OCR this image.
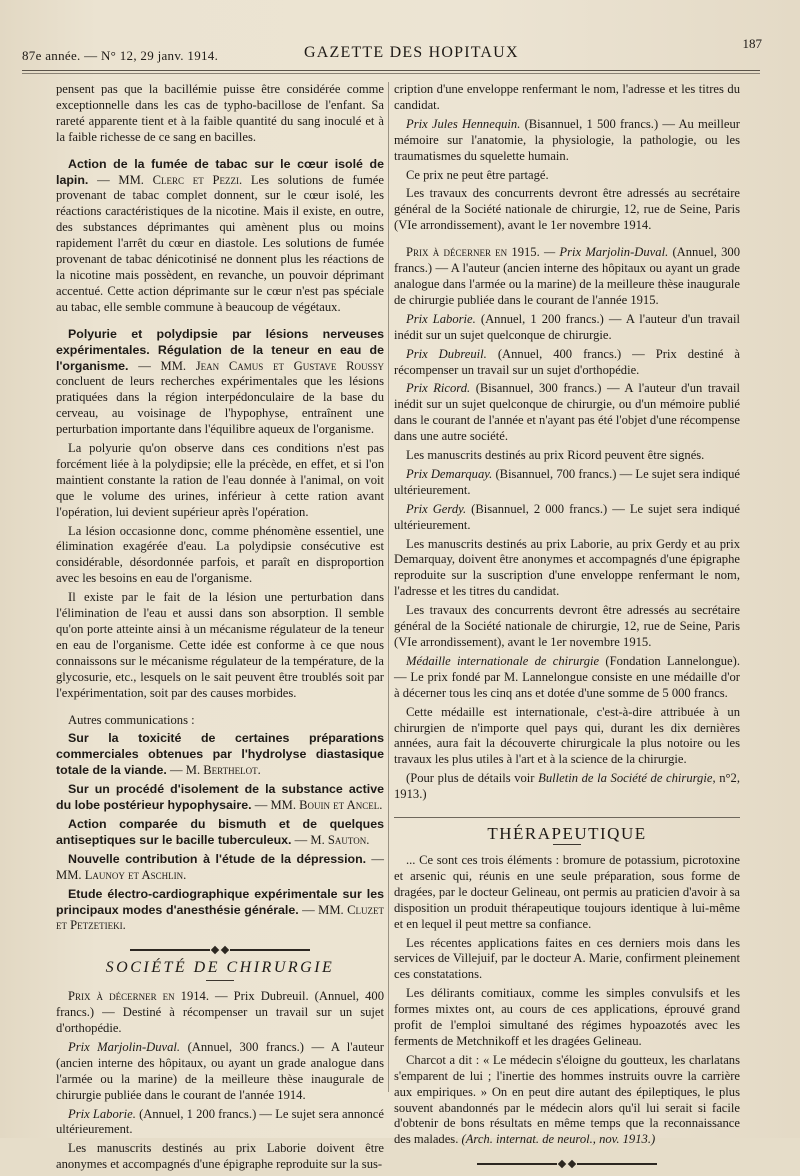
87e année. — N° 12, 29 janv. 1914.	GAZETTE DES HOPITAUX
187

pensent pas que la bacillémie puisse être considérée comme exceptionnelle dans les cas de typho-bacillose de l'enfant. Sa rareté apparente tient et à la faible quantité du sang inoculé et à la faible richesse de ce sang en bacilles.

Action de la fumée de tabac sur le cœur isolé de lapin. — MM. Clerc et Pezzi. Les solutions de fumée provenant de tabac complet donnent, sur le cœur isolé, les réactions caractéristiques de la nicotine. Mais il existe, en outre, des substances déprimantes qui amènent plus ou moins rapidement l'arrêt du cœur en diastole. Les solutions de fumée provenant de tabac dénicotinisé ne donnent plus les réactions de la nicotine mais possèdent, en revanche, un pouvoir déprimant accentué. Cette action déprimante sur le cœur n'est pas spéciale au tabac, elle semble commune à beaucoup de végétaux.

Polyurie et polydipsie par lésions nerveuses expérimentales. Régulation de la teneur en eau de l'organisme. — MM. Jean Camus et Gustave Roussy concluent de leurs recherches expérimentales que les lésions pratiquées dans la région interpédonculaire de la base du cerveau, au voisinage de l'hypophyse, entraînent une perturbation importante dans l'équilibre aqueux de l'organisme.

La polyurie qu'on observe dans ces conditions n'est pas forcément liée à la polydipsie; elle la précède, en effet, et si l'on maintient constante la ration de l'eau donnée à l'animal, on voit que le volume des urines, inférieur à cette ration avant l'opération, lui devient supérieur après l'opération.

La lésion occasionne donc, comme phénomène essentiel, une élimination exagérée d'eau. La polydipsie consécutive est considérable, désordonnée parfois, et paraît en disproportion avec les besoins en eau de l'organisme.

Il existe par le fait de la lésion une perturbation dans l'élimination de l'eau et aussi dans son absorption. Il semble qu'on porte atteinte ainsi à un mécanisme régulateur de la teneur en eau de l'organisme. Cette idée est conforme à ce que nous connaissons sur le mécanisme régulateur de la température, de la glycosurie, etc., lesquels on le sait peuvent être troublés soit par l'expérimentation, soit par des causes morbides.

Autres communications :

Sur la toxicité de certaines préparations commerciales obtenues par l'hydrolyse diastasique totale de la viande. — M. Berthelot.

Sur un procédé d'isolement de la substance active du lobe postérieur hypophysaire. — MM. Bouin et Ancel.

Action comparée du bismuth et de quelques antiseptiques sur le bacille tuberculeux. — M. Sauton.

Nouvelle contribution à l'étude de la dépression. — MM. Launoy et Aschlin.

Etude électro-cardiographique expérimentale sur les principaux modes d'anesthésie générale. — MM. Cluzet et Petzetieki.

SOCIÉTÉ DE CHIRURGIE

Prix à décerner en 1914. — Prix Dubreuil. (Annuel, 400 francs.) — Destiné à récompenser un travail sur un sujet d'orthopédie.

Prix Marjolin-Duval. (Annuel, 300 francs.) — A l'auteur (ancien interne des hôpitaux, ou ayant un grade analogue dans l'armée ou la marine) de la meilleure thèse inaugurale de chirurgie publiée dans le courant de l'année 1914.

Prix Laborie. (Annuel, 1 200 francs.) — Le sujet sera annoncé ultérieurement.

Les manuscrits destinés au prix Laborie doivent être anonymes et accompagnés d'une épigraphe reproduite sur la sus-

cription d'une enveloppe renfermant le nom, l'adresse et les titres du candidat.

Prix Jules Hennequin. (Bisannuel, 1 500 francs.) — Au meilleur mémoire sur l'anatomie, la physiologie, la pathologie, ou les traumatismes du squelette humain.

Ce prix ne peut être partagé.

Les travaux des concurrents devront être adressés au secrétaire général de la Société nationale de chirurgie, 12, rue de Seine, Paris (VIe arrondissement), avant le 1er novembre 1914.

Prix à décerner en 1915. — Prix Marjolin-Duval. (Annuel, 300 francs.) — A l'auteur (ancien interne des hôpitaux ou ayant un grade analogue dans l'armée ou la marine) de la meilleure thèse inaugurale de chirurgie publiée dans le courant de l'année 1915.

Prix Laborie. (Annuel, 1 200 francs.) — A l'auteur d'un travail inédit sur un sujet quelconque de chirurgie.

Prix Dubreuil. (Annuel, 400 francs.) — Prix destiné à récompenser un travail sur un sujet d'orthopédie.

Prix Ricord. (Bisannuel, 300 francs.) — A l'auteur d'un travail inédit sur un sujet quelconque de chirurgie, ou d'un mémoire publié dans le courant de l'année et n'ayant pas été l'objet d'une récompense dans une autre société.

Les manuscrits destinés au prix Ricord peuvent être signés.

Prix Demarquay. (Bisannuel, 700 francs.) — Le sujet sera indiqué ultérieurement.

Prix Gerdy. (Bisannuel, 2 000 francs.) — Le sujet sera indiqué ultérieurement.

Les manuscrits destinés au prix Laborie, au prix Gerdy et au prix Demarquay, doivent être anonymes et accompagnés d'une épigraphe reproduite sur la suscription d'une enveloppe renfermant le nom, l'adresse et les titres du candidat.

Les travaux des concurrents devront être adressés au secrétaire général de la Société nationale de chirurgie, 12, rue de Seine, Paris (VIe arrondissement), avant le 1er novembre 1915.

Médaille internationale de chirurgie (Fondation Lannelongue). — Le prix fondé par M. Lannelongue consiste en une médaille d'or à décerner tous les cinq ans et dotée d'une somme de 5 000 francs.

Cette médaille est internationale, c'est-à-dire attribuée à un chirurgien de n'importe quel pays qui, durant les dix dernières années, aura fait la découverte chirurgicale la plus notoire ou les travaux les plus utiles à l'art et à la science de la chirurgie.

(Pour plus de détails voir Bulletin de la Société de chirurgie, n°2, 1913.)

THÉRAPEUTIQUE

... Ce sont ces trois éléments : bromure de potassium, picrotoxine et arsenic qui, réunis en une seule préparation, sous forme de dragées, par le docteur Gelineau, ont permis au praticien d'avoir à sa disposition un produit thérapeutique toujours identique à lui-même et en lequel il peut mettre sa confiance.

Les récentes applications faites en ces derniers mois dans les services de Villejuif, par le docteur A. Marie, confirment pleinement ces constatations.

Les délirants comitiaux, comme les simples convulsifs et les formes mixtes ont, au cours de ces applications, éprouvé grand profit de l'emploi simultané des régimes hypoazotés avec les ferments de Metchnikoff et les dragées Gelineau.

Charcot a dit : « Le médecin s'éloigne du goutteux, les charlatans s'emparent de lui ; l'inertie des hommes instruits ouvre la carrière aux empiriques. » On en peut dire autant des épileptiques, le plus souvent abandonnés par le médecin alors qu'il lui serait si facile d'obtenir de bons résultats en même temps que la reconnaissance des malades. (Arch. internat. de neurol., nov. 1913.)
